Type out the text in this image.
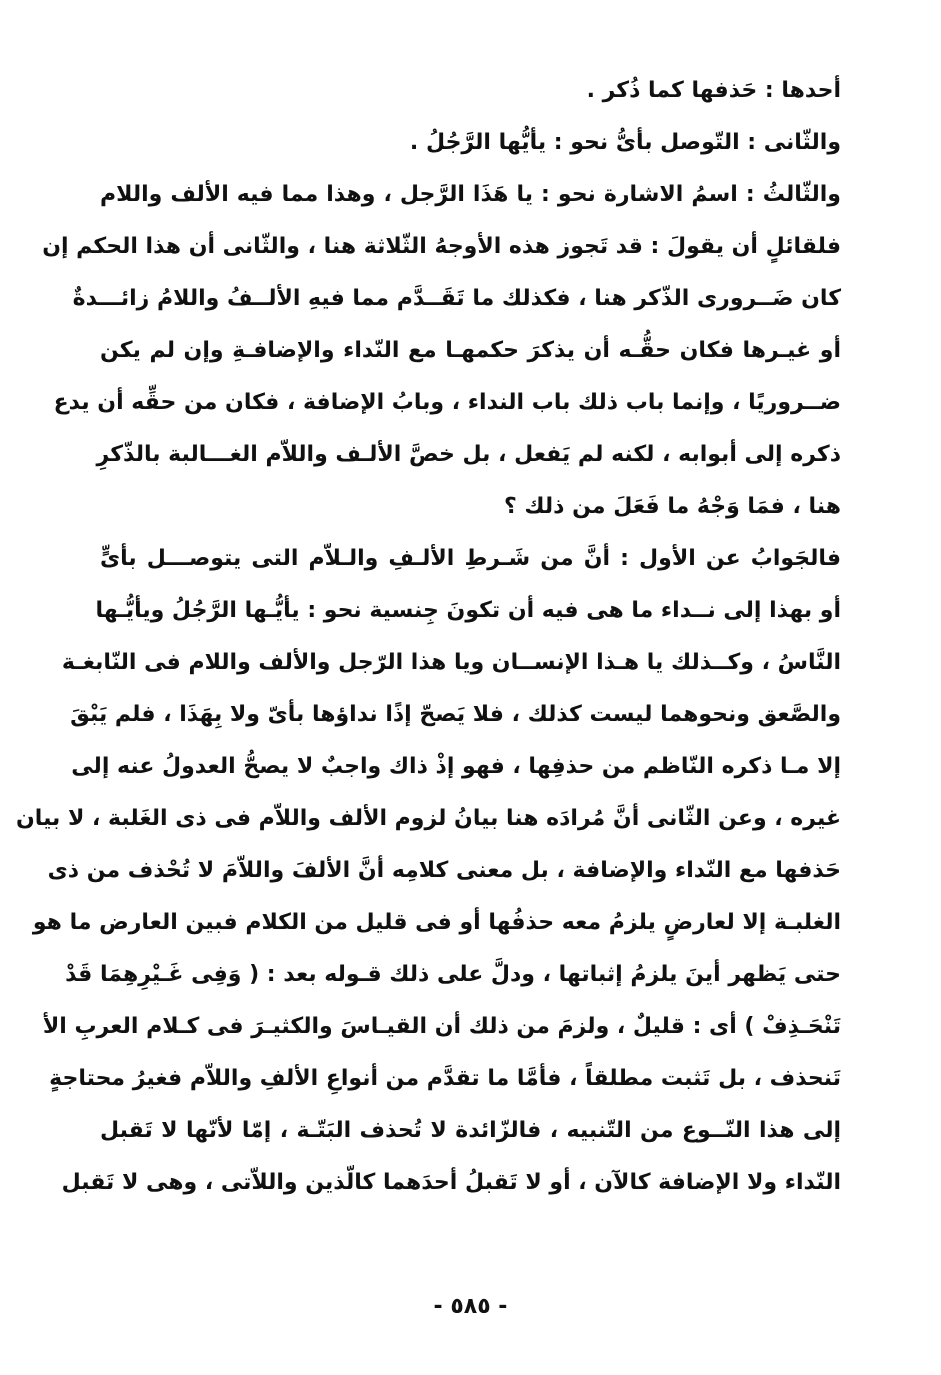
أحدها : حَذفها كما ذُكر .
والثّانى : التّوصل بأىُّ نحو : يأيُّها الرَّجُلُ .
والثّالثُ : اسمُ الاشارة نحو : يا هَذَا الرَّجل ، وهذا مما فيه الألف واللام
فلقائلٍ أن يقولَ : قد تَجوز هذه الأوجهُ الثّلاثة هنا ، والثّانى أن هذا الحكم إن
كان ضَــرورى الذّكر هنا ، فكذلك ما تَقَــدَّم مما فيهِ الألــفُ واللامُ زائـــدةٌ
أو غيـرها فكان حقُّـه أن يذكرَ حكمهـا مع النّداء والإضافـةِ وإن لم يكن
ضــروريًا ، وإنما باب ذلك باب النداء ، وبابُ الإضافة ، فكان من حقِّه أن يدع
ذكره إلى أبوابه ، لكنه لم يَفعل ، بل خصَّ الألـف واللاّم الغـــالبة بالذّكرِ
هنا ، فمَا وَجْهُ ما فَعَلَ من ذلك ؟
فالجَوابُ عن الأول : أنَّ من شَـرطِ الألـفِ والـلاّم التى يتوصـــل بأىٍّ
أو بهذا إلى نــداء ما هى فيه أن تكونَ جِنسية نحو : يأيُّـها الرَّجُلُ ويأيُّـها
النَّاسُ ، وكــذلك يا هـذا الإنســان ويا هذا الرّجل والألف واللام فى النّابغـة
والصَّعق ونحوهما ليست كذلك ، فلا يَصحّ إذًا نداؤها بأىّ ولا بِهَذَا ، فلم يَبْقَ
إلا مـا ذكره النّاظم من حذفِها ، فهو إذْ ذاك واجبٌ لا يصحُّ العدولُ عنه إلى
غيره ، وعن الثّانى أنَّ مُرادَه هنا بيانُ لزوم الألف واللاّم فى ذى الغَلبة ، لا بيان
حَذفها مع النّداء والإضافة ، بل معنى كلامِه أنَّ الألفَ واللاّمَ لا تُحْذف من ذى
الغلبـة إلا لعارضٍ يلزمُ معه حذفُها أو فى قليل من الكلام فبين العارض ما هو
حتى يَظهر أينَ يلزمُ إثباتها ، ودلَّ على ذلك قـوله بعد : ( وَفِى غَـيْرِهِمَا قَدْ
تَنْحَـذِفْ ) أى : قليلٌ ، ولزمَ من ذلك أن القيـاسَ والكثيـرَ فى كـلام العربِ الأ
تَنحذف ، بل تَثبت مطلقاً ، فأمَّا ما تقدَّم من أنواعِ الألفِ واللاّم فغيرُ محتاجةٍ
إلى هذا النّــوع من التّنبيه ، فالزّائدة لا تُحذف البَتّـة ، إمّا لأنّها لا تَقبل
النّداء ولا الإضافة كالآن ، أو لا تَقبلُ أحدَهما كالّذين واللاّتى ، وهى لا تَقبل
- ٥٨٥ -
